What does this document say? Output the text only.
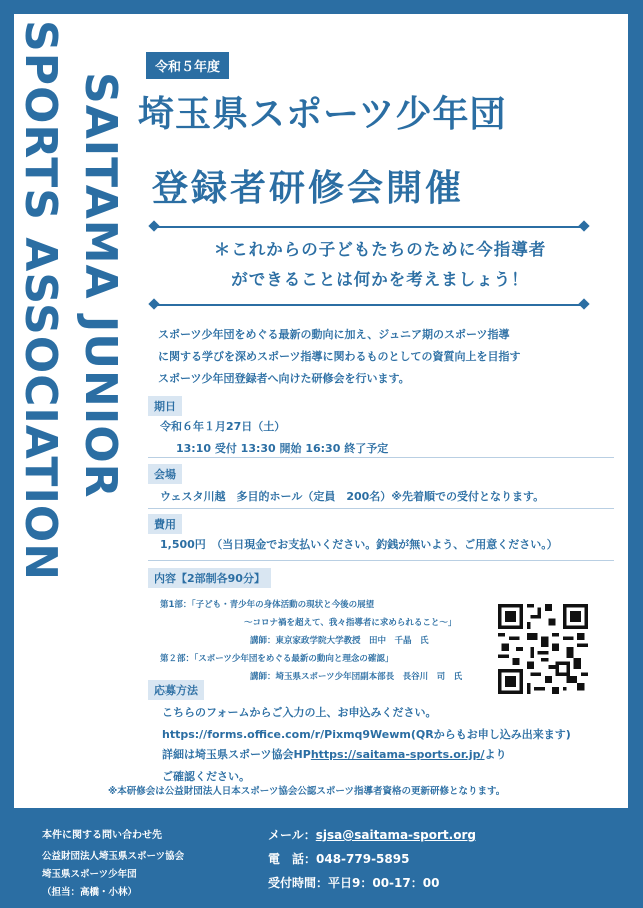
SPORTS ASSOCIATION SAITAMA JUNIOR
令和５年度
埼玉県スポーツ少年団
登録者研修会開催
＊これからの子どもたちのために今指導者
ができることは何かを考えましょう！
スポーツ少年団をめぐる最新の動向に加え、ジュニア期のスポーツ指導
に関する学びを深めスポーツ指導に関わるものとしての資質向上を目指す
スポーツ少年団登録者へ向けた研修会を行います。
期日
令和６年１月27日（土）
13:10 受付 13:30 開始 16:30 終了予定
会場
ウェスタ川越　多目的ホール（定員　200名）※先着順での受付となります。
費用
1,500円　（当日現金でお支払いください。釣銭が無いよう、ご用意ください。）
内容【2部制各90分】
第1部：「子ども・青少年の身体活動の現状と今後の展望
〜コロナ禍を超えて、我々指導者に求められること〜」
講師：東京家政学院大学教授　田中　千晶　氏
第２部：「スポーツ少年団をめぐる最新の動向と理念の確認」
講師：埼玉県スポーツ少年団副本部長　長谷川　司　氏
応募方法
こちらのフォームからご入力の上、お申込みください。
https://forms.office.com/r/Pixmq9Wewm(QRからもお申し込み出来ます)
詳細は埼玉県スポーツ協会HPhttps://saitama-sports.or.jp/より
ご確認ください。
※本研修会は公益財団法人日本スポーツ協会公認スポーツ指導者資格の更新研修となります。
本件に関する問い合わせ先
公益財団法人埼玉県スポーツ協会
埼玉県スポーツ少年団
（担当：高橋・小林）
メール：sjsa@saitama-sport.org
電　話：048-779-5895
受付時間：平日9：00-17：00
